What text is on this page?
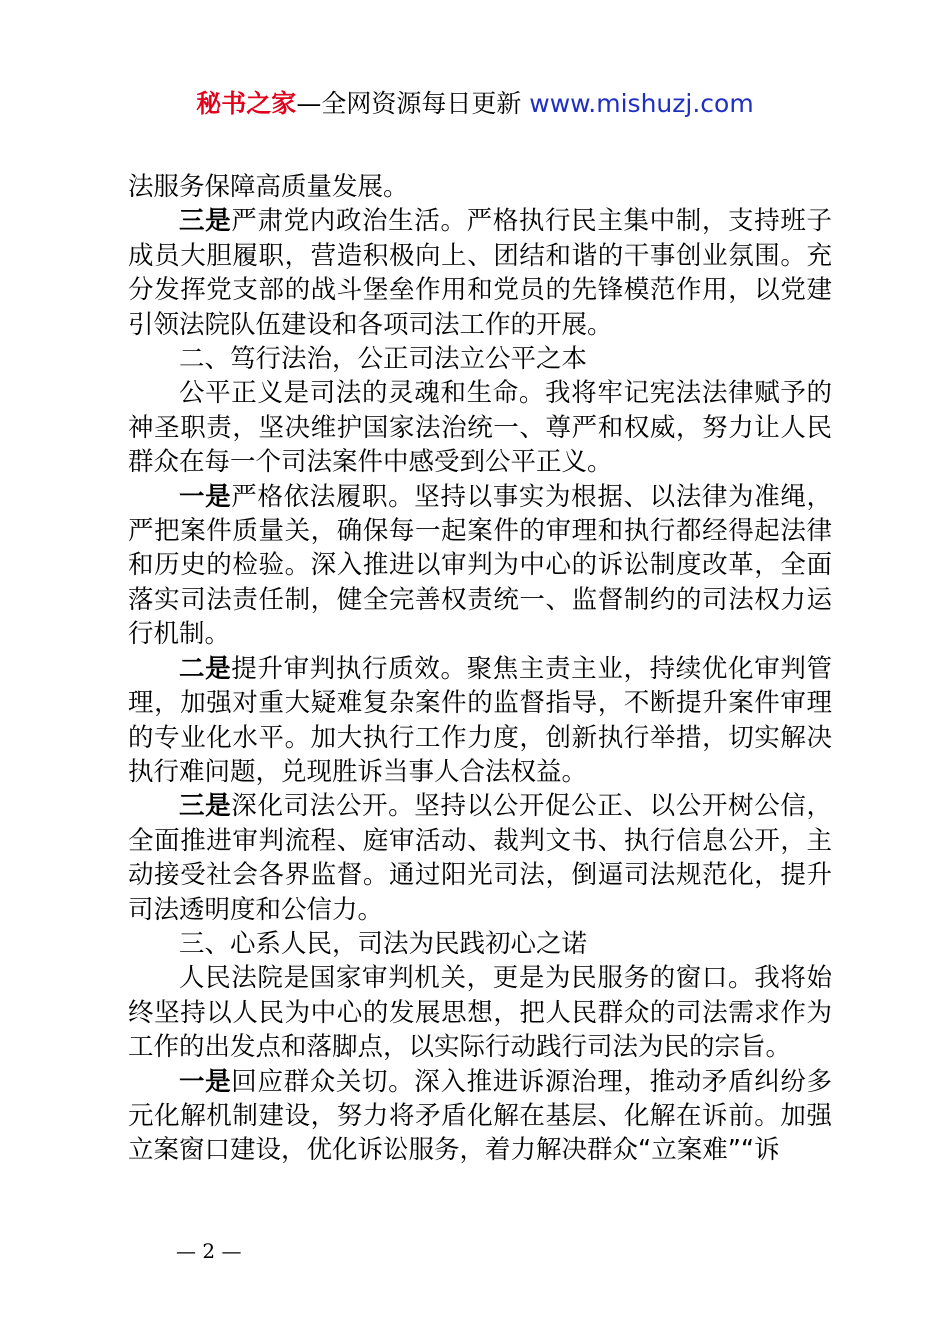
秘书之家—全网资源每日更新 www.mishuzj.com

法服务保障高质量发展。

三是严肃党内政治生活。严格执行民主集中制，支持班子成员大胆履职，营造积极向上、团结和谐的干事创业氛围。充分发挥党支部的战斗堡垒作用和党员的先锋模范作用，以党建引领法院队伍建设和各项司法工作的开展。

二、笃行法治，公正司法立公平之本

公平正义是司法的灵魂和生命。我将牢记宪法法律赋予的神圣职责，坚决维护国家法治统一、尊严和权威，努力让人民群众在每一个司法案件中感受到公平正义。

一是严格依法履职。坚持以事实为根据、以法律为准绳，严把案件质量关，确保每一起案件的审理和执行都经得起法律和历史的检验。深入推进以审判为中心的诉讼制度改革，全面落实司法责任制，健全完善权责统一、监督制约的司法权力运行机制。

二是提升审判执行质效。聚焦主责主业，持续优化审判管理，加强对重大疑难复杂案件的监督指导，不断提升案件审理的专业化水平。加大执行工作力度，创新执行举措，切实解决执行难问题，兑现胜诉当事人合法权益。

三是深化司法公开。坚持以公开促公正、以公开树公信，全面推进审判流程、庭审活动、裁判文书、执行信息公开，主动接受社会各界监督。通过阳光司法，倒逼司法规范化，提升司法透明度和公信力。

三、心系人民，司法为民践初心之诺

人民法院是国家审判机关，更是为民服务的窗口。我将始终坚持以人民为中心的发展思想，把人民群众的司法需求作为工作的出发点和落脚点，以实际行动践行司法为民的宗旨。

一是回应群众关切。深入推进诉源治理，推动矛盾纠纷多元化解机制建设，努力将矛盾化解在基层、化解在诉前。加强立案窗口建设，优化诉讼服务，着力解决群众“立案难”“诉

— 2 —
